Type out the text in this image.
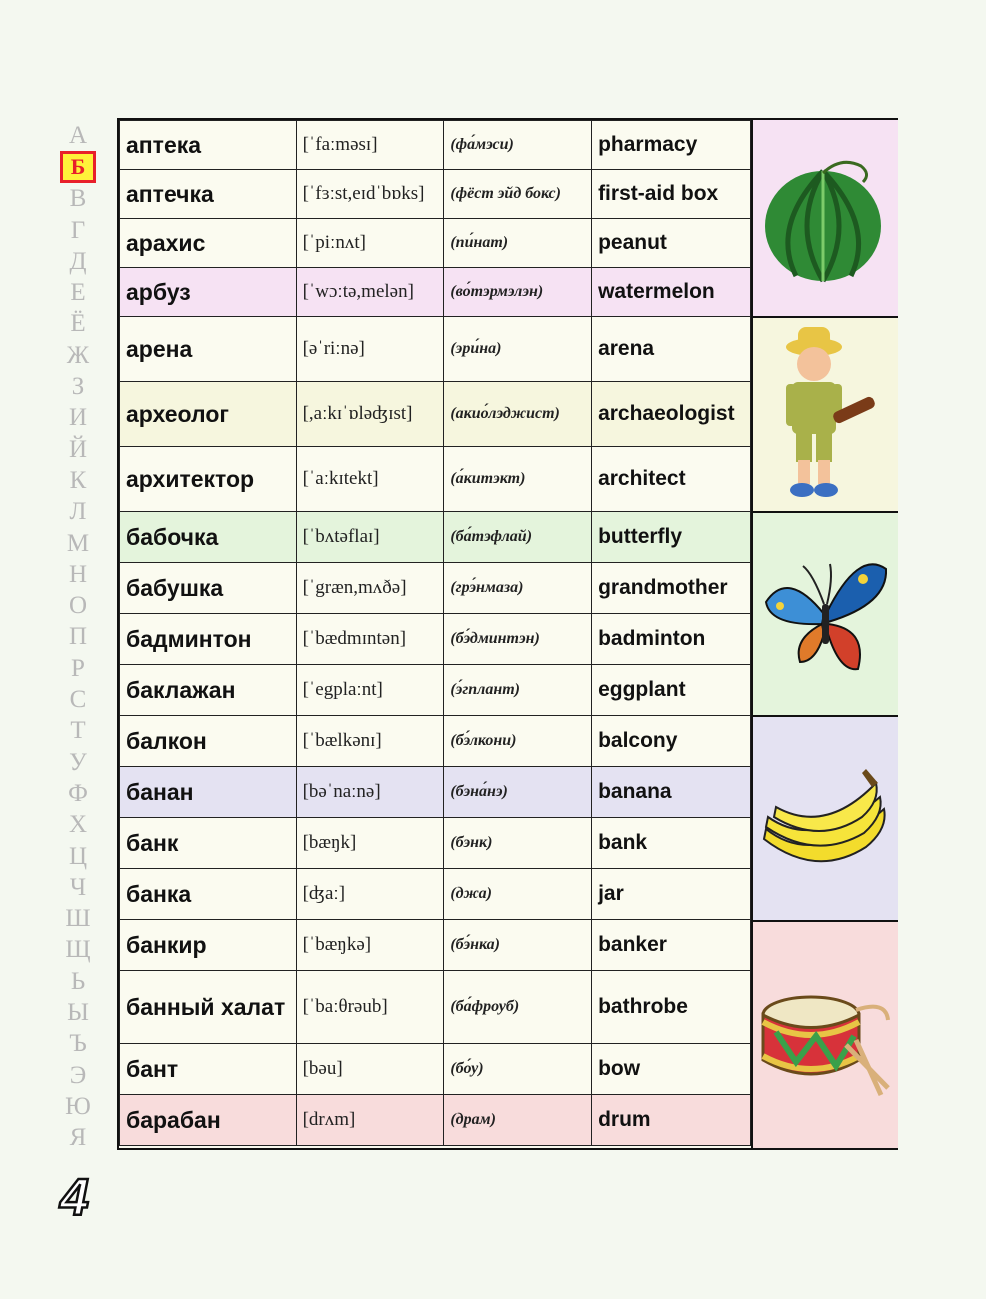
А
Б
В
Г
Д
Е
Ё
Ж
З
И
Й
К
Л
М
Н
О
П
Р
С
Т
У
Ф
Х
Ц
Ч
Ш
Щ
Ь
Ы
Ъ
Э
Ю
Я
4
аптека	[ˈfaːməsɪ]	(фа́мэси)	pharmacy
аптечка	[ˈfɜːst,eɪdˈbɒks]	(фёст эйд бокс)	first-aid box
арахис	[ˈpiːnʌt]	(пи́нат)	peanut
арбуз	[ˈwɔːtə,melən]	(во́тэрмэлэн)	watermelon
арена	[əˈriːnə]	(эри́на)	arena
археолог	[,aːkɪˈɒləʤɪst]	(акио́лэджист)	archaeologist
архитектор	[ˈaːkɪtekt]	(а́китэкт)	architect
бабочка	[ˈbʌtəflaɪ]	(ба́тэфлай)	butterfly
бабушка	[ˈgræn,mʌðə]	(грэ́нмаза)	grandmother
бадминтон	[ˈbædmɪntən]	(бэ́дминтэн)	badminton
баклажан	[ˈegplaːnt]	(э́гплант)	eggplant
балкон	[ˈbælkənɪ]	(бэ́лкони)	balcony
банан	[bəˈnaːnə]	(бэна́нэ)	banana
банк	[bæŋk]	(бэнк)	bank
банка	[ʤaː]	(джа)	jar
банкир	[ˈbæŋkə]	(бэ́нка)	banker
банный халат	[ˈbaːθrəub]	(ба́фроуб)	bathrobe
бант	[bəu]	(бо́у)	bow
барабан	[drʌm]	(драм)	drum
